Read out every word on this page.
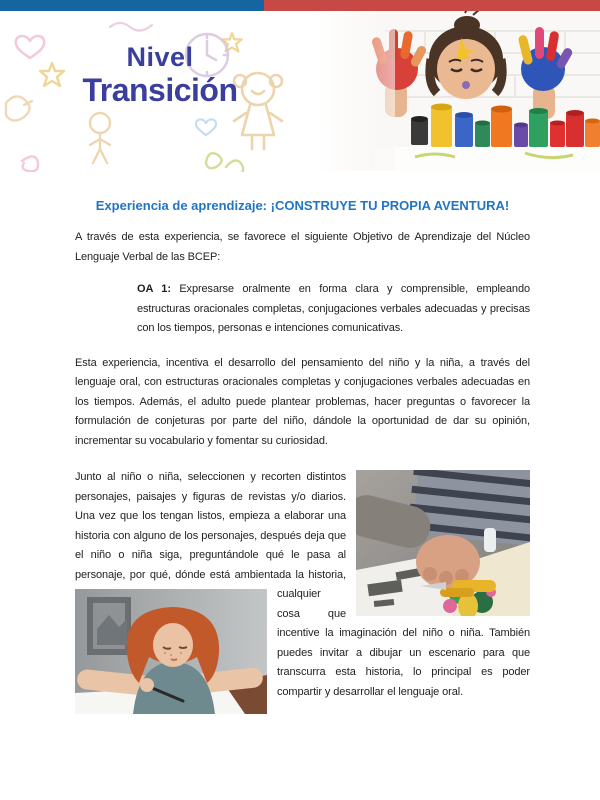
Nivel
Transición
Experiencia de aprendizaje: ¡CONSTRUYE TU PROPIA AVENTURA!

A través de esta experiencia, se favorece el siguiente Objetivo de Aprendizaje del Núcleo Lenguaje Verbal de las BCEP:

OA 1: Expresarse oralmente en forma clara y comprensible, empleando estructuras oracionales completas, conjugaciones verbales adecuadas y precisas con los tiempos, personas e intenciones comunicativas.

Esta experiencia, incentiva el desarrollo del pensamiento del niño y la niña, a través del lenguaje oral, con estructuras oracionales completas y conjugaciones verbales adecuadas en los tiempos. Además, el adulto puede plantear problemas, hacer preguntas o favorecer la formulación de conjeturas por parte del niño, dándole la oportunidad de dar su opinión, incrementar su vocabulario y fomentar su curiosidad.

Junto al niño o niña, seleccionen y recorten distintos personajes, paisajes y figuras de revistas y/o diarios. Una vez que los tengan listos, empieza a elaborar una historia con alguno de los personajes, después deja que el niño o niña siga, preguntándole qué le pasa al personaje, por qué, dónde está ambientada la historia, cualquier cosa que incentive la imaginación del niño o niña. También puedes invitar a dibujar un escenario para que transcurra esta historia, lo principal es poder compartir y desarrollar el lenguaje oral.
